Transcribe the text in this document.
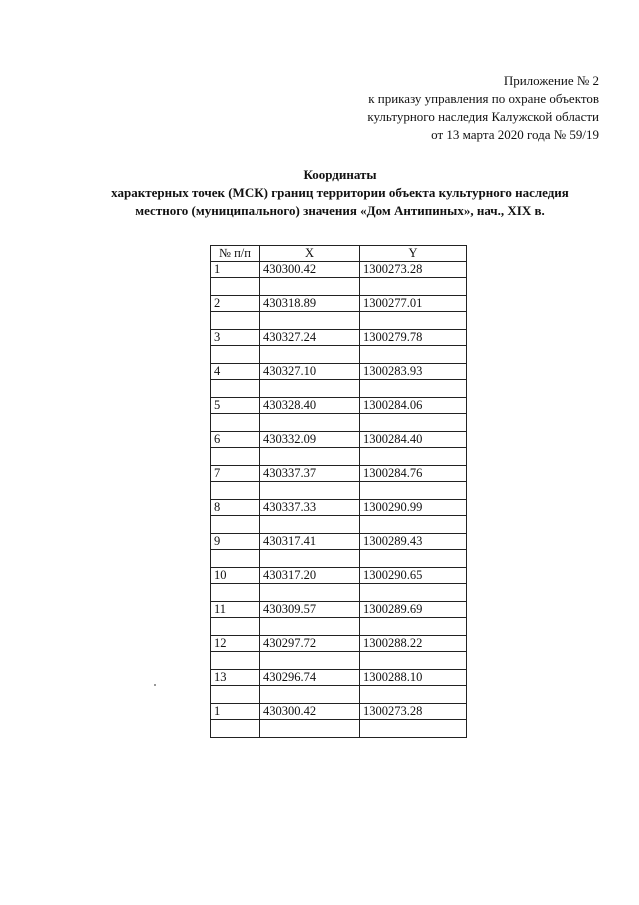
Приложение № 2
к приказу управления по охране объектов
культурного наследия Калужской области
от 13 марта 2020 года № 59/19
Координаты
характерных точек (МСК) границ территории объекта культурного наследия
местного (муниципального) значения «Дом Антипиных», нач., XIX в.
№ п/п	X	Y
1	430300.42	1300273.28

2	430318.89	1300277.01

3	430327.24	1300279.78

4	430327.10	1300283.93

5	430328.40	1300284.06

6	430332.09	1300284.40

7	430337.37	1300284.76

8	430337.33	1300290.99

9	430317.41	1300289.43

10	430317.20	1300290.65

11	430309.57	1300289.69

12	430297.72	1300288.22

13	430296.74	1300288.10

1	430300.42	1300273.28
